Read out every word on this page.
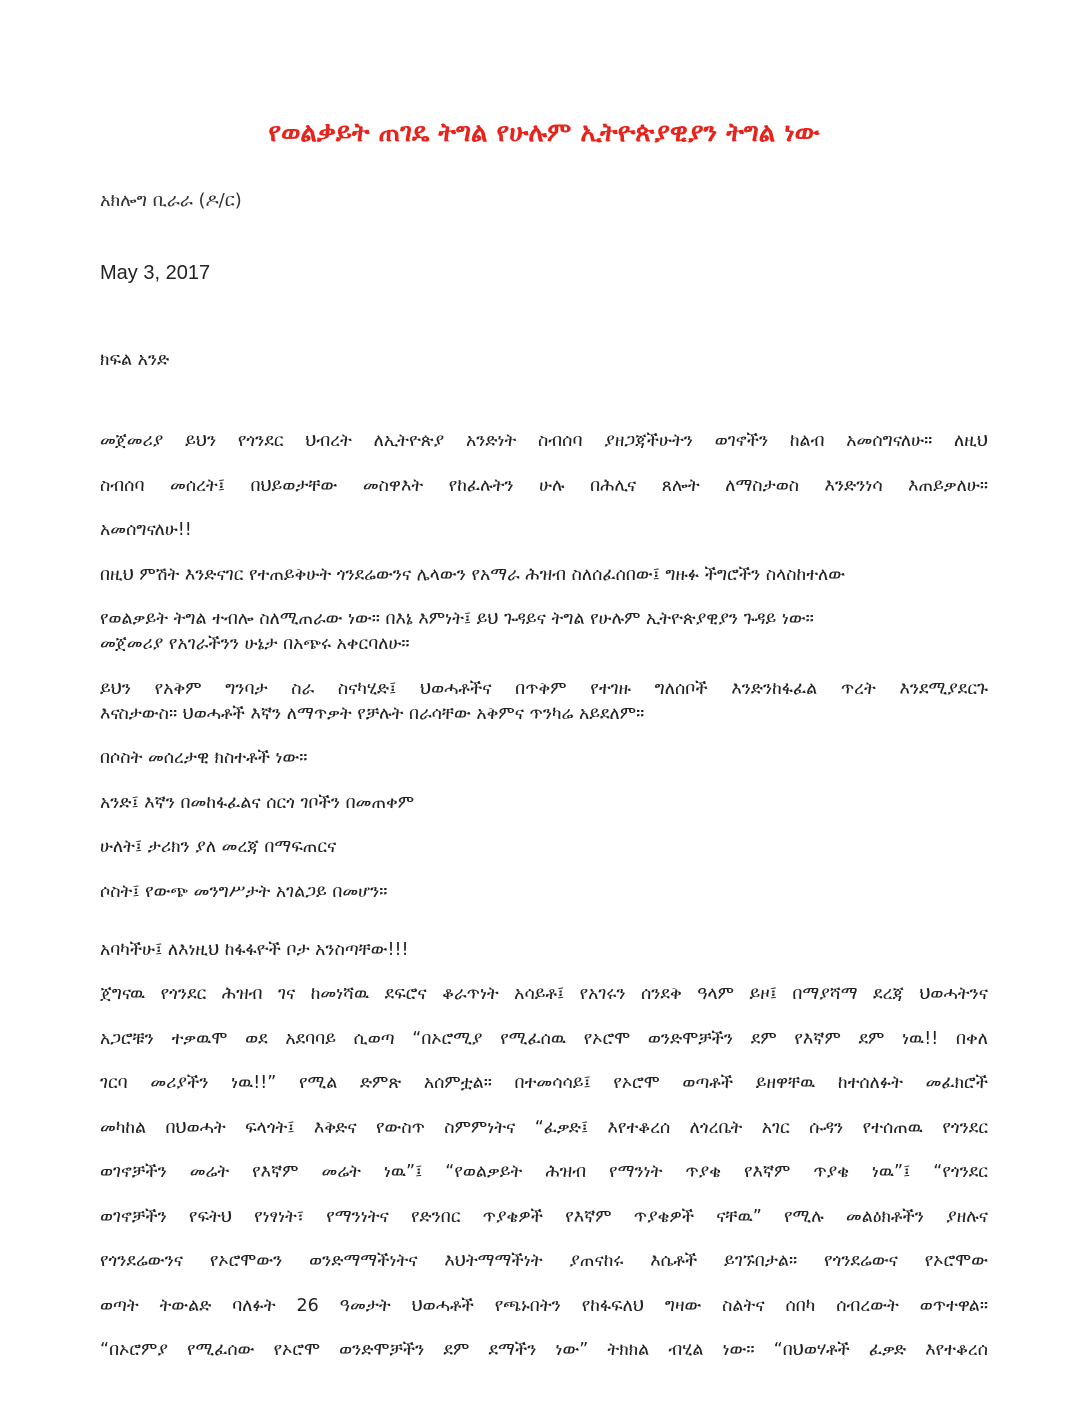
የወልቃይት ጠገዴ ትግል የሁሉም ኢትዮጵያዊያን ትግል ነው
አክሎግ ቢራራ (ዶ/ር)
May 3, 2017
ክፍል አንድ
መጀመሪያ ይህን የጎንደር ህብረት ለኢትዮጵያ አንድነት ስብሰባ ያዘጋጃችሁትን ወገኖችን ከልብ አመሰግናለሁ። ለዚህ
ስብሰባ መሰረት፤ በህይወታቸው መስዋእት የከፈሉትን ሁሉ በሕሊና ጸሎት ለማስታወስ እንድንነሳ እጠይቃለሁ።
አመሰግናለሁ!!
በዚህ ምሽት እንድናገር የተጠይቅሁት ጎንደሬውንና ሌላውን የአማራ ሕዝብ ስለሰፈሰበው፤ ግዙፉ ችግሮችን ስላስከተለው
የወልቃይት ትግል ተብሎ ስለሚጠራው ነው። በእኔ እምነት፤ ይህ ጉዳይና ትግል የሁሉም ኢትዮጵያዊያን ጉዳይ ነው።
መጀመሪያ የአገራችንን ሁኔታ በአጭሩ አቀርባለሁ።
ይህን የአቅም ግንባታ ስራ ስናካሂድ፤ ህወሓቶችና በጥቅም የተገዙ ግለሰቦች እንድንከፋፈል ጥረት እንደሚያደርጉ
እናስታውስ። ህወሓቶች እኛን ለማጥቃት የቻሉት በራሳቸው አቅምና ጥንካሬ አይደለም።
በሶስት መሰረታዊ ክስተቶች ነው።
አንድ፤ እኛን በመከፋፈልና ሰርጎ ገቦችን በመጠቀም
ሁለት፤ ታሪክን ያለ መረጃ በማፍጠርና
ሶስት፤ የውጭ መንግሥታት አገልጋይ በመሆን።
አባካችሁ፤ ለእነዚህ ከፋፋዮች ቦታ አንስጣቸው!!!
ጀግናዉ የጎንደር ሕዝብ ገና ከመነሻዉ ደፍሮና ቆራጥነት አሳይቶ፤ የአገሩን ሰንደቅ ዓላም ይዞ፤ በማያሻማ ደረጃ ህወሓትንና
አጋሮቹን ተቃዉሞ ወደ አደባባይ ሲወጣ “በኦሮሚያ የሚፈሰዉ የኦሮሞ ወንድሞቻችን ደም የእኛም ደም ነዉ!! በቀለ
ገርባ መሪያችን ነዉ!!” የሚል ድምጽ አሰምቷል። በተመሳሳይ፤ የኦሮሞ ወጣቶች ይዘዋቸዉ ከተሰለፉት መፈክሮች
መካከል በህወሓት ፍላጎት፤ እቅድና የውስጥ ስምምነትና “ፈቃድ፤ እየተቆረሰ ለጎረቤት አገር ሱዳን የተሰጠዉ የጎንደር
ወገኖቻችን መሬት የእኛም መሬት ነዉ”፤ “የወልቃይት ሕዝብ የማንነት ጥያቄ የእኛም ጥያቄ ነዉ”፤ “የጎንደር
ወገኖቻችን የፍትህ የነፃነት፣ የማንነትና የድንበር ጥያቄዎች የእኛም ጥያቄዎች ናቸዉ” የሚሉ መልዕክቶችን ያዘሉና
የጎንደሬውንና የኦሮሞውን ወንድማማችነትና እህትማማችነት ያጠናከሩ እሴቶች ይገኙበታል። የጎንደሬውና የኦሮሞው
ወጣት ትውልድ ባለፉት 26 ዓመታት ህወሓቶች የጫኑበትን የከፋፍለህ ግዛው ስልትና ሰበካ ሰብረውት ወጥተዋል።
“በኦሮምያ የሚፈሰው የኦሮሞ ወንድሞቻችን ደም ደማችን ነው” ትክክል ብሂል ነው። “በህወሃቶች ፈቃድ እየተቆረሰ
